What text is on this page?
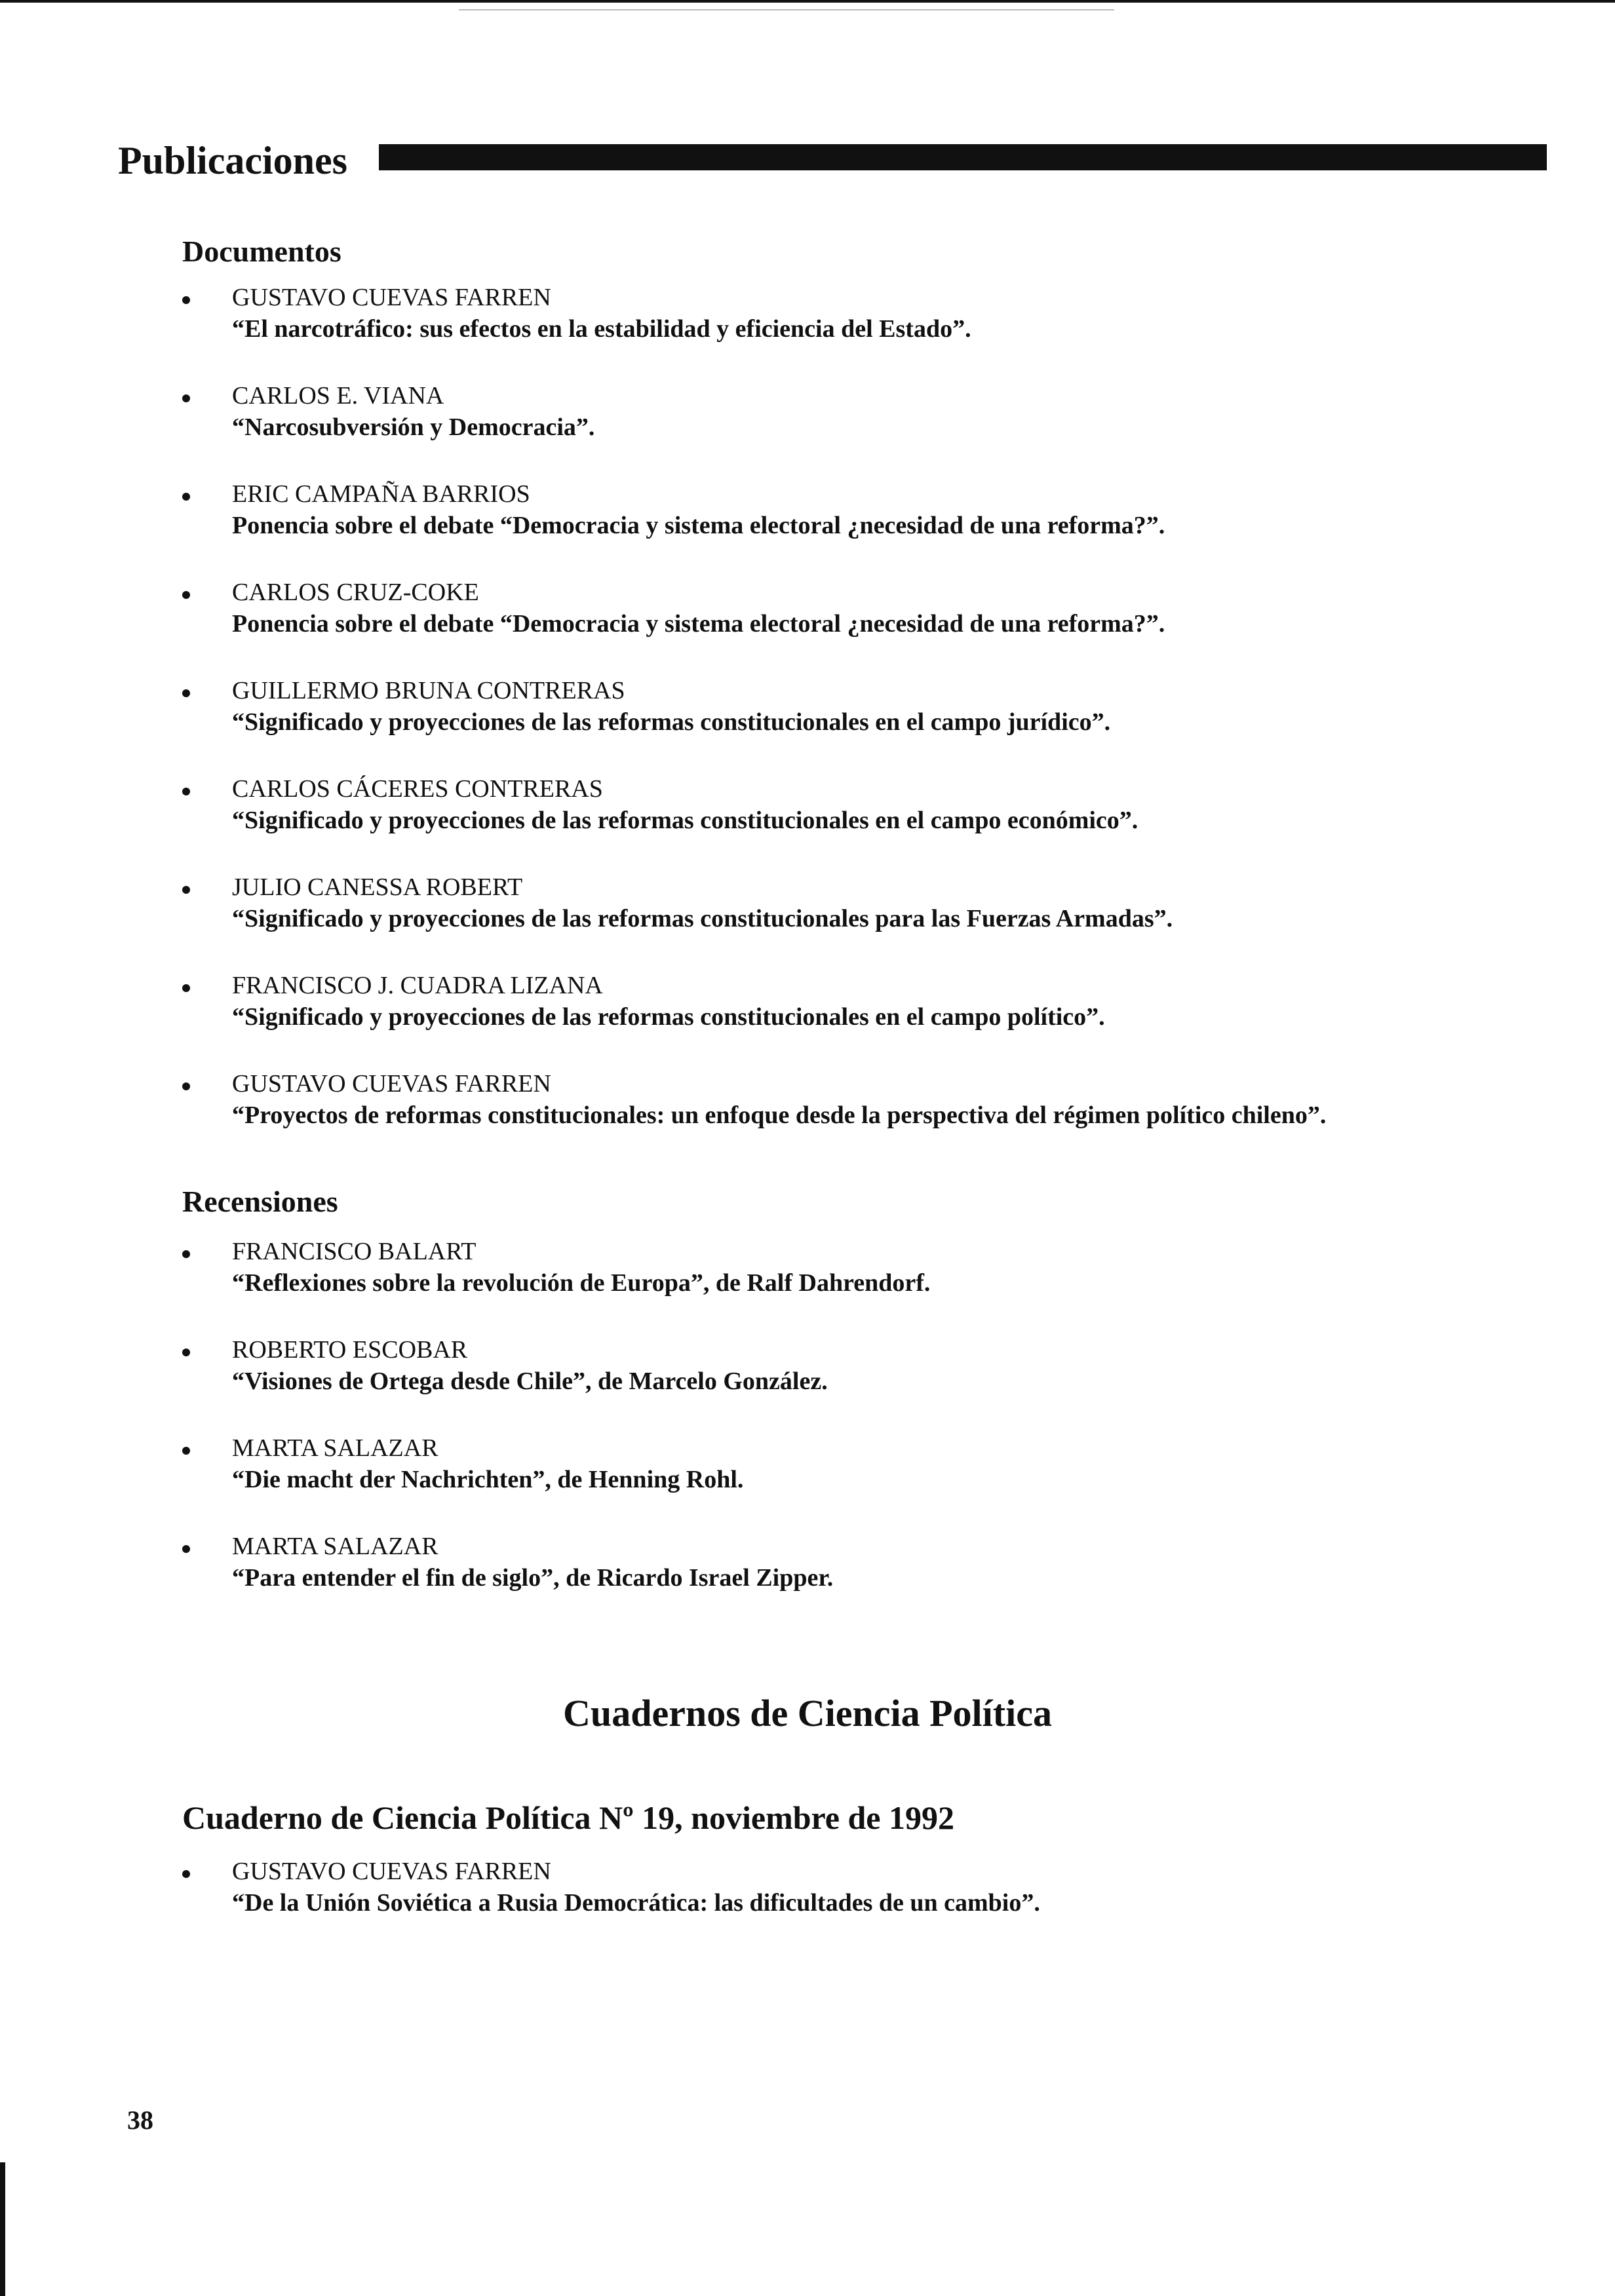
Publicaciones
Documentos
GUSTAVO CUEVAS FARREN
“El narcotráfico: sus efectos en la estabilidad y eficiencia del Estado”.
CARLOS E. VIANA
“Narcosubversión y Democracia”.
ERIC CAMPAÑA BARRIOS
Ponencia sobre el debate “Democracia y sistema electoral ¿necesidad de una reforma?”.
CARLOS CRUZ-COKE
Ponencia sobre el debate “Democracia y sistema electoral ¿necesidad de una reforma?”.
GUILLERMO BRUNA CONTRERAS
“Significado y proyecciones de las reformas constitucionales en el campo jurídico”.
CARLOS CÁCERES CONTRERAS
“Significado y proyecciones de las reformas constitucionales en el campo económico”.
JULIO CANESSA ROBERT
“Significado y proyecciones de las reformas constitucionales para las Fuerzas Armadas”.
FRANCISCO J. CUADRA LIZANA
“Significado y proyecciones de las reformas constitucionales en el campo político”.
GUSTAVO CUEVAS FARREN
“Proyectos de reformas constitucionales: un enfoque desde la perspectiva del régimen político chileno”.
Recensiones
FRANCISCO BALART
“Reflexiones sobre la revolución de Europa”, de Ralf Dahrendorf.
ROBERTO ESCOBAR
“Visiones de Ortega desde Chile”, de Marcelo González.
MARTA SALAZAR
“Die macht der Nachrichten”, de Henning Rohl.
MARTA SALAZAR
“Para entender el fin de siglo”, de Ricardo Israel Zipper.
Cuadernos de Ciencia Política
Cuaderno de Ciencia Política Nº 19, noviembre de 1992
GUSTAVO CUEVAS FARREN
“De la Unión Soviética a Rusia Democrática: las dificultades de un cambio”.
38
